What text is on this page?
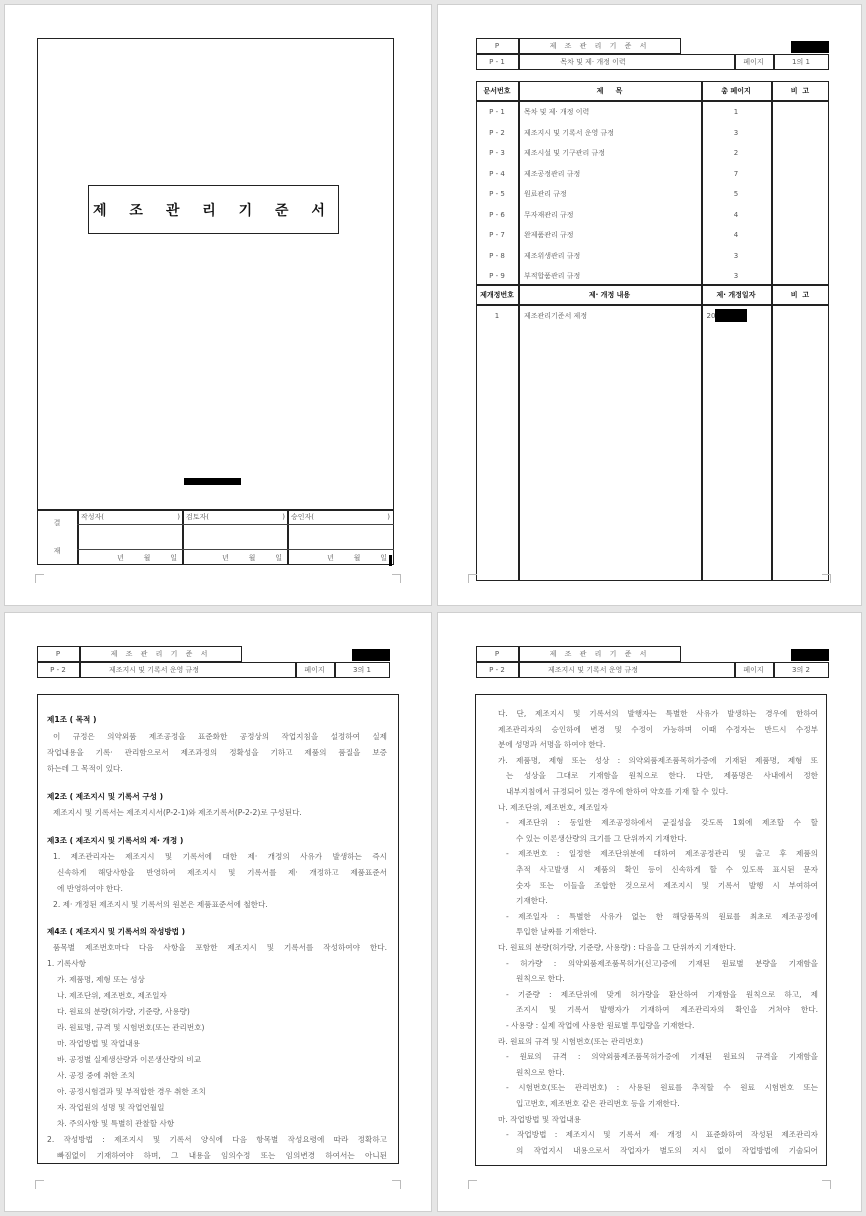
제 조 관 리 기 준 서
결
재
작성자(	)
년	월	일
검토자(	)
년	월	일
승인자(	)
년	월	일
P	제 조 관 리 기 준 서
P - 1	목차 및 제· 개정 이력	페이지	1의 1
문서번호	제     목	총 페이지	비  고
P - 1	목차 및 제· 개정 이력	1
P - 2	제조지시 및 기록서 운영 규정	3
P - 3	제조시설 및 기구관리 규정	2
P - 4	제조공정관리 규정	7
P - 5	원료관리 규정	5
P - 6	무자재관리 규정	4
P - 7	완제품관리 규정	4
P - 8	제조위생관리 규정	3
P - 9	부적합품관리 규정	3
제개정번호	제· 개정 내용	제· 개정일자	비  고
1	제조관리기준서 제정	20
P	제 조 관 리 기 준 서
P - 2	제조지시 및 기록서 운영 규정	페이지	3의 1
제1조 ( 목적 )
이 규정은 의약외품 제조공정을 표준화한 공정상의 작업지침을 설정하여 실제
작업내용을 기록· 관리함으로서 제조과정의 정확성을 기하고 제품의 품질을 보증
하는데 그 목적이 있다.
제2조 ( 제조지시 및 기록서 구성 )
제조지시 및 기록서는 제조지시서(P-2-1)와 제조기록서(P-2-2)로 구성된다.
제3조 ( 제조지시 및 기록서의 제· 개정 )
1. 제조관리자는 제조지시 및 기록서에 대한 제· 개정의 사유가 발생하는 즉시
신속하게 해당사항을 반영하여 제조지시 및 기록서를 제· 개정하고 제품표준서
에 반영하여야 한다.
2. 제· 개정된 제조지시 및 기록서의 원본은 제품표준서에 철한다.
제4조 ( 제조지시 및 기록서의 작성방법 )
품목별 제조번호마다 다음 사항을 포함한 제조지시 및 기록서를 작성하여야 한다.
1. 기록사항
가. 제품명, 제형 또는 성상
나. 제조단위, 제조번호, 제조일자
다. 원료의 분량(허가량, 기준량, 사용량)
라. 원료명, 규격 및 시험번호(또는 관리번호)
마. 작업방법 및 작업내용
바. 공정별 실제생산량과 이론생산량의 비교
사. 공정 중에 취한 조치
아. 공정시험결과 및 부적합한 경우 취한 조치
자. 작업원의 성명 및 작업연월일
차. 주의사항 및 특별히 관찰할 사항
2. 작성방법 : 제조지시 및 기록서 양식에 다음 항목별 작성요령에 따라 정확하고
빠짐없이 기재하여야 하며, 그 내용을 임의수정 또는 임의변경 하여서는 아니된
P	제 조 관 리 기 준 서
P - 2	제조지시 및 기록서 운영 규정	페이지	3의 2
다. 단, 제조지시 및 기록서의 발행자는 특별한 사유가 발생하는 경우에 한하여
제조관리자의 승인하에 변경 및 수정이 가능하며 이때 수정자는 반드시 수정부
분에 성명과 서명을 하여야 한다.
가. 제품명, 제형 또는 성상 : 의약외품제조품목허가증에 기재된 제품명, 제형 또
는 성상을 그대로 기재함을 원칙으로 한다. 다만, 제품명은 사내에서 정한
내부지침에서 규정되어 있는 경우에 한하여 약호를 기재 할 수 있다.
나. 제조단위, 제조번호, 제조일자
- 제조단위 : 동일한 제조공정하에서 균질성을 갖도록 1회에 제조할 수 할
수 있는 이론생산량의 크기를 그 단위까지 기재한다.
- 제조번호 : 일정한 제조단위분에 대하여 제조공정관리 및 출고 후 제품의
추적 사고발생 시 제품의 확인 등이 신속하게 할 수 있도록 표시된 문자
숫자 또는 이들을 조합한 것으로서 제조지시 및 기록서 발행 시 부여하여
기재한다.
- 제조일자 : 특별한 사유가 없는 한 해당품목의 원료를 최초로 제조공정에
투입한 날짜를 기재한다.
다. 원료의 분량(허가량, 기준량, 사용량) : 다음을 그 단위까지 기재한다.
- 허가량 : 의약외품제조품목허가(신고)증에 기재된 원료별 분량을 기재함을
원칙으로 한다.
- 기준량 : 제조단위에 맞게 허가량을 환산하여 기재함을 원칙으로 하고, 제
조지시 및 기록서 발행자가 기재하여 제조관리자의 확인을 거쳐야 한다.
- 사용량 : 실제 작업에 사용한 원료별 투입량을 기재한다.
라. 원료의 규격 및 시험번호(또는 관리번호)
- 원료의 규격 : 의약외품제조품목허가증에 기재된 원료의 규격을 기재함을
원칙으로 한다.
- 시험번호(또는 관리번호) : 사용된 원료를 추적할 수 원료 시험번호 또는
입고번호, 제조번호 같은 관리번호 등을 기재한다.
마. 작업방법 및 작업내용
- 작업방법 : 제조지시 및 기록서 제· 개정 시 표준화하여 작성된 제조관리자
의 작업지시 내용으로서 작업자가 별도의 지시 없이 작업방법에 기술되어
